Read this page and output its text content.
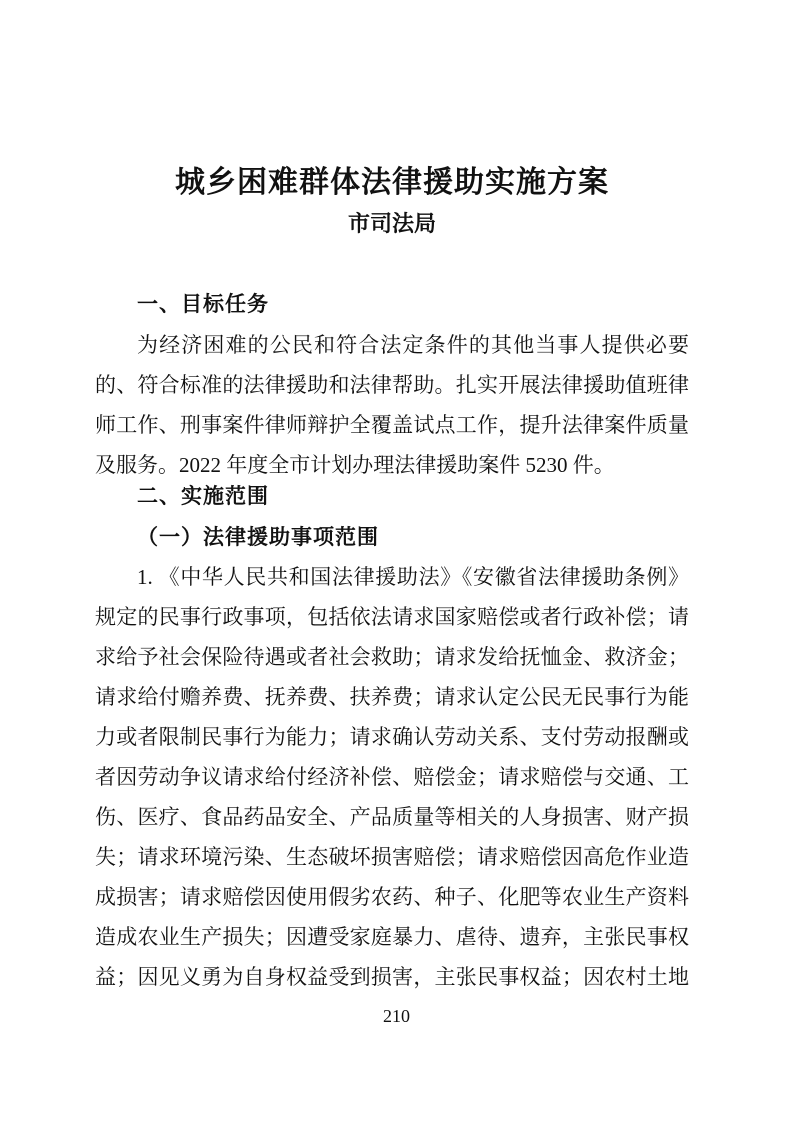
城乡困难群体法律援助实施方案
市司法局
一、目标任务
为经济困难的公民和符合法定条件的其他当事人提供必要
的、符合标准的法律援助和法律帮助。扎实开展法律援助值班律
师工作、刑事案件律师辩护全覆盖试点工作，提升法律案件质量
及服务。2022 年度全市计划办理法律援助案件 5230 件。
二、实施范围
（一）法律援助事项范围
1. 《中华人民共和国法律援助法》《安徽省法律援助条例》
规定的民事行政事项，包括依法请求国家赔偿或者行政补偿；请
求给予社会保险待遇或者社会救助；请求发给抚恤金、救济金；
请求给付赡养费、抚养费、扶养费；请求认定公民无民事行为能
力或者限制民事行为能力；请求确认劳动关系、支付劳动报酬或
者因劳动争议请求给付经济补偿、赔偿金；请求赔偿与交通、工
伤、医疗、食品药品安全、产品质量等相关的人身损害、财产损
失；请求环境污染、生态破坏损害赔偿；请求赔偿因高危作业造
成损害；请求赔偿因使用假劣农药、种子、化肥等农业生产资料
造成农业生产损失；因遭受家庭暴力、虐待、遗弃，主张民事权
益；因见义勇为自身权益受到损害，主张民事权益；因农村土地
210
